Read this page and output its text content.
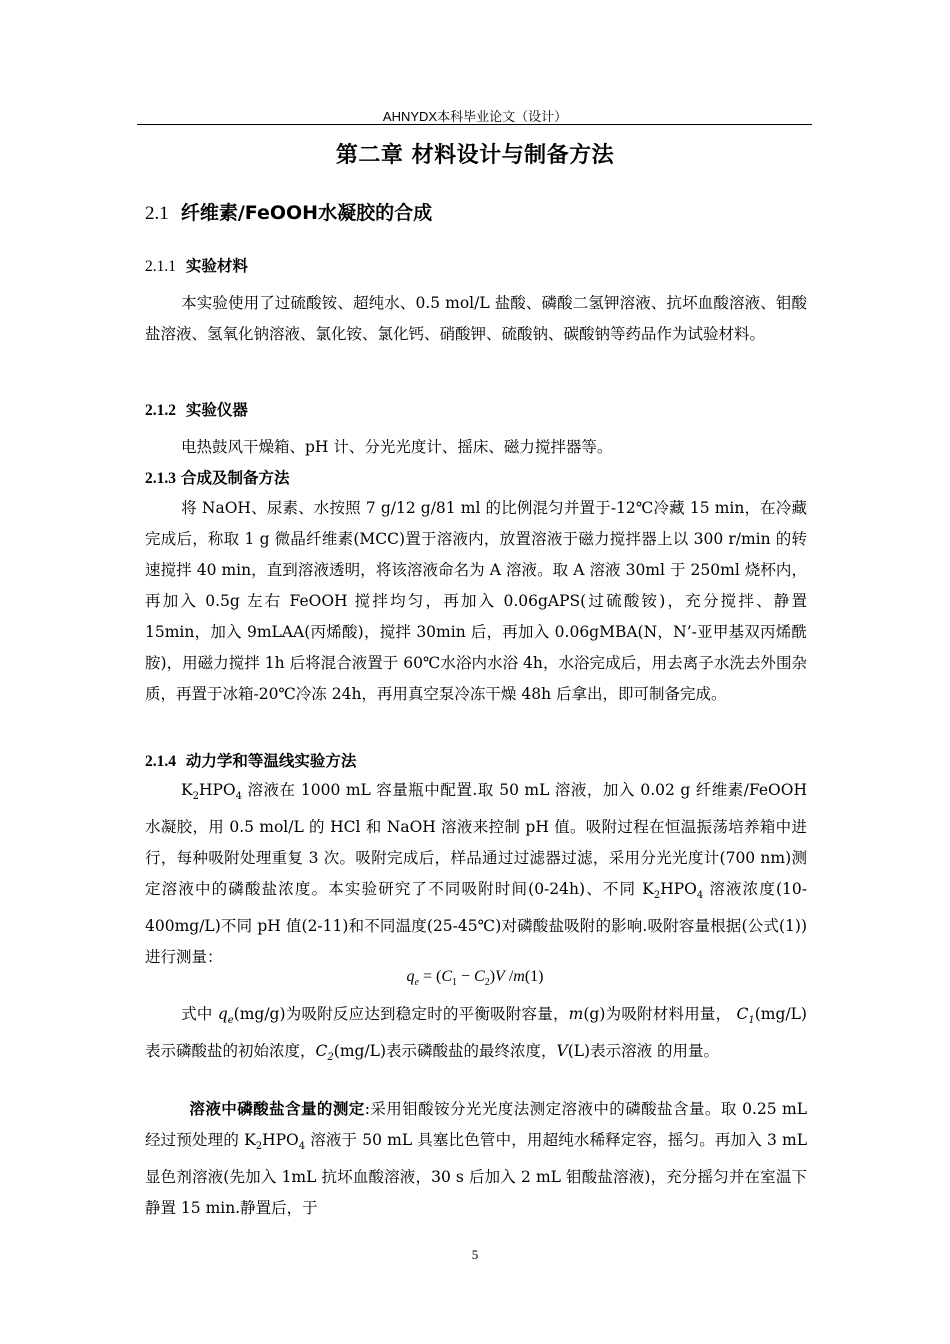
AHNYDX本科毕业论文（设计）
第二章 材料设计与制备方法
2.1 纤维素/FeOOH水凝胶的合成
2.1.1 实验材料
本实验使用了过硫酸铵、超纯水、0.5 mol/L 盐酸、磷酸二氢钾溶液、抗坏血酸溶液、钼酸盐溶液、氢氧化钠溶液、氯化铵、氯化钙、硝酸钾、硫酸钠、碳酸钠等药品作为试验材料。
2.1.2 实验仪器
电热鼓风干燥箱、pH 计、分光光度计、摇床、磁力搅拌器等。
2.1.3 合成及制备方法
将 NaOH、尿素、水按照 7 g/12 g/81 ml 的比例混匀并置于-12℃冷藏 15 min，在冷藏完成后，称取 1 g 微晶纤维素(MCC)置于溶液内，放置溶液于磁力搅拌器上以 300 r/min 的转速搅拌 40 min，直到溶液透明，将该溶液命名为 A 溶液。取 A 溶液 30ml 于 250ml 烧杯内，再加入 0.5g 左右 FeOOH 搅拌均匀，再加入 0.06gAPS(过硫酸铵)，充分搅拌、静置 15min，加入 9mLAA(丙烯酸)，搅拌 30min 后，再加入 0.06gMBA(N，N’-亚甲基双丙烯酰胺)，用磁力搅拌 1h 后将混合液置于 60℃水浴内水浴 4h，水浴完成后，用去离子水洗去外围杂质，再置于冰箱-20℃冷冻 24h，再用真空泵冷冻干燥 48h 后拿出，即可制备完成。
2.1.4 动力学和等温线实验方法
$K_2HPO_4$ 溶液在 1000 mL 容量瓶中配置.取 50 mL 溶液，加入 0.02 g 纤维素/FeOOH 水凝胶，用 0.5 mol/L 的 HCl 和 NaOH 溶液来控制 pH 值。吸附过程在恒温振荡培养箱中进行，每种吸附处理重复 3 次。吸附完成后，样品通过过滤器过滤，采用分光光度计(700 nm)测定溶液中的磷酸盐浓度。本实验研究了不同吸附时间(0-24h)、不同 $K_2HPO_4$ 溶液浓度(10-400mg/L)不同 pH 值(2-11)和不同温度(25-45℃)对磷酸盐吸附的影响.吸附容量根据(公式(1))进行测量：
$q_e = (C_1 - C_2)V$ /m(1)
式中 $q_e(mg/g)$为吸附反应达到稳定时的平衡吸附容量，m(g)为吸附材料用量， $C_1(mg/L)$表示磷酸盐的初始浓度，$C_2(mg/L)$表示磷酸盐的最终浓度，V(L)表示溶液 的用量。
溶液中磷酸盐含量的测定:采用钼酸铵分光光度法测定溶液中的磷酸盐含量。取 0.25 mL 经过预处理的 $K_2HPO_4$ 溶液于 50 mL 具塞比色管中，用超纯水稀释定容，摇匀。再加入 3 mL 显色剂溶液(先加入 1mL 抗坏血酸溶液，30 s 后加入 2 mL 钼酸盐溶液)，充分摇匀并在室温下静置 15 min.静置后，于
5
